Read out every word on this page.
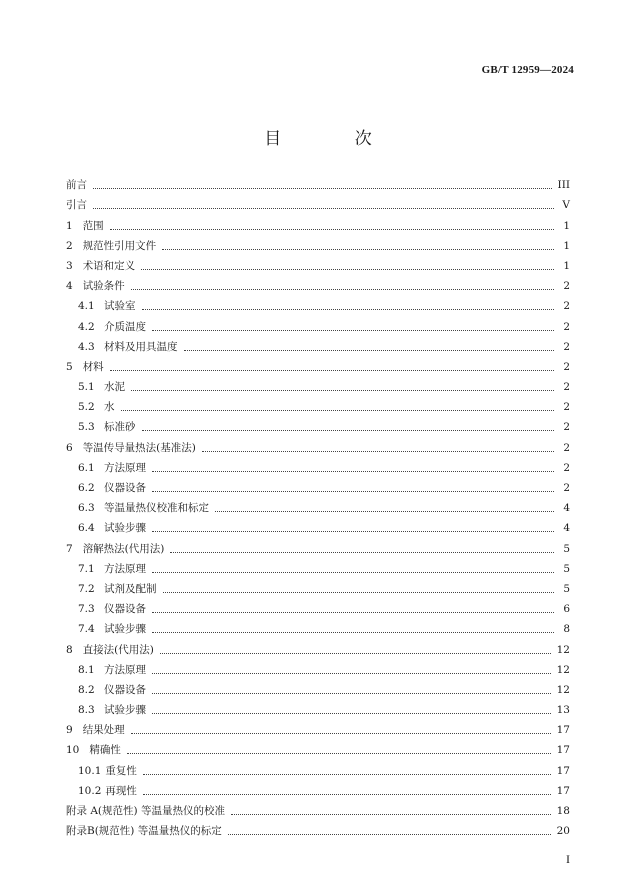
GB/T 12959—2024
目 次
前言	III
引言	V
1 范围	1
2 规范性引用文件	1
3 术语和定义	1
4 试验条件	2
4.1 试验室	2
4.2 介质温度	2
4.3 材料及用具温度	2
5 材料	2
5.1 水泥	2
5.2 水	2
5.3 标准砂	2
6 等温传导量热法(基准法)	2
6.1 方法原理	2
6.2 仪器设备	2
6.3 等温量热仪校准和标定	4
6.4 试验步骤	4
7 溶解热法(代用法)	5
7.1 方法原理	5
7.2 试剂及配制	5
7.3 仪器设备	6
7.4 试验步骤	8
8 直接法(代用法)	12
8.1 方法原理	12
8.2 仪器设备	12
8.3 试验步骤	13
9 结果处理	17
10 精确性	17
10.1 重复性	17
10.2 再现性	17
附录 A(规范性) 等温量热仪的校准	18
附录B(规范性) 等温量热仪的标定	20
I
